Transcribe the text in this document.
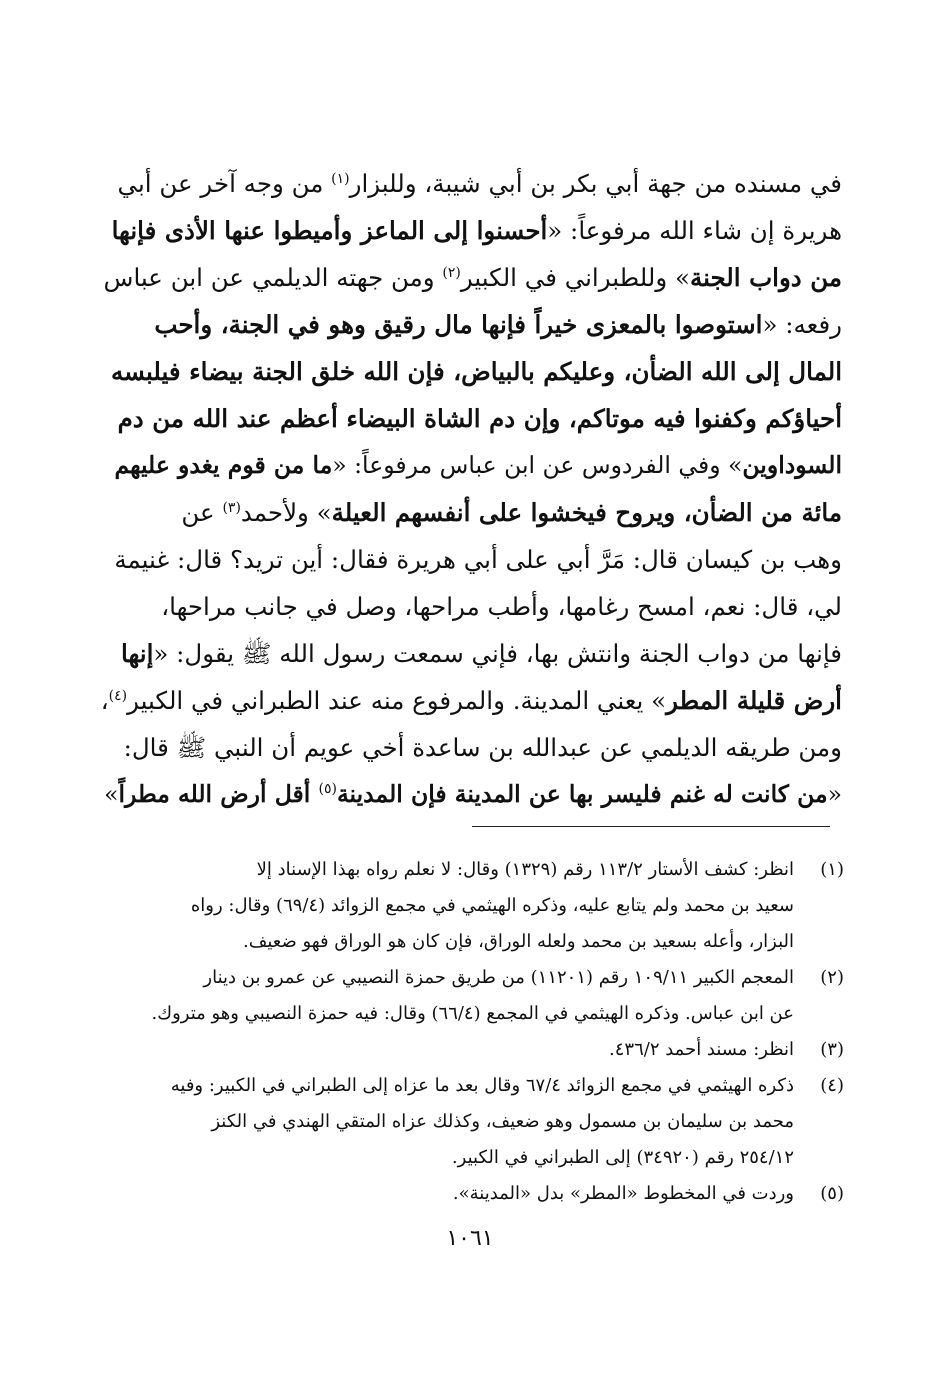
في مسنده من جهة أبي بكر بن أبي شيبة، وللبزار$^{(١)}$ من وجه آخر عن أبي
هريرة إن شاء الله مرفوعاً: «أحسنوا إلى الماعز وأميطوا عنها الأذى فإنها
من دواب الجنة» وللطبراني في الكبير$^{(٢)}$ ومن جهته الديلمي عن ابن عباس
رفعه: «استوصوا بالمعزى خيراً فإنها مال رقيق وهو في الجنة، وأحب
المال إلى الله الضأن، وعليكم بالبياض، فإن الله خلق الجنة بيضاء فيلبسه
أحياؤكم وكفنوا فيه موتاكم، وإن دم الشاة البيضاء أعظم عند الله من دم
السوداوين» وفي الفردوس عن ابن عباس مرفوعاً: «ما من قوم يغدو عليهم
مائة من الضأن، ويروح فيخشوا على أنفسهم العيلة» ولأحمد$^{(٣)}$ عن
وهب بن كيسان قال: مَرَّ أبي على أبي هريرة فقال: أين تريد؟ قال: غنيمة
لي، قال: نعم، امسح رغامها، وأطب مراحها، وصل في جانب مراحها،
فإنها من دواب الجنة وانتش بها، فإني سمعت رسول الله ﷺ يقول: «إنها
أرض قليلة المطر» يعني المدينة. والمرفوع منه عند الطبراني في الكبير$^{(٤)}$،
ومن طريقه الديلمي عن عبدالله بن ساعدة أخي عويم أن النبي ﷺ قال:
«من كانت له غنم فليسر بها عن المدينة فإن المدينة$^{(٥)}$ أقل أرض الله مطراً»
(١)
انظر: كشف الأستار ١١٣/٢ رقم (١٣٢٩) وقال: لا نعلم رواه بهذا الإسناد إلا
سعيد بن محمد ولم يتابع عليه، وذكره الهيثمي في مجمع الزوائد (٦٩/٤) وقال: رواه
البزار، وأعله بسعيد بن محمد ولعله الوراق، فإن كان هو الوراق فهو ضعيف.
(٢)
المعجم الكبير ١٠٩/١١ رقم (١١٢٠١) من طريق حمزة النصيبي عن عمرو بن دينار
عن ابن عباس. وذكره الهيثمي في المجمع (٦٦/٤) وقال: فيه حمزة النصيبي وهو متروك.
(٣)
انظر: مسند أحمد ٤٣٦/٢.
(٤)
ذكره الهيثمي في مجمع الزوائد ٦٧/٤ وقال بعد ما عزاه إلى الطبراني في الكبير: وفيه
محمد بن سليمان بن مسمول وهو ضعيف، وكذلك عزاه المتقي الهندي في الكنز
٢٥٤/١٢ رقم (٣٤٩٢٠) إلى الطبراني في الكبير.
(٥)
وردت في المخطوط «المطر» بدل «المدينة».
١٠٦١
